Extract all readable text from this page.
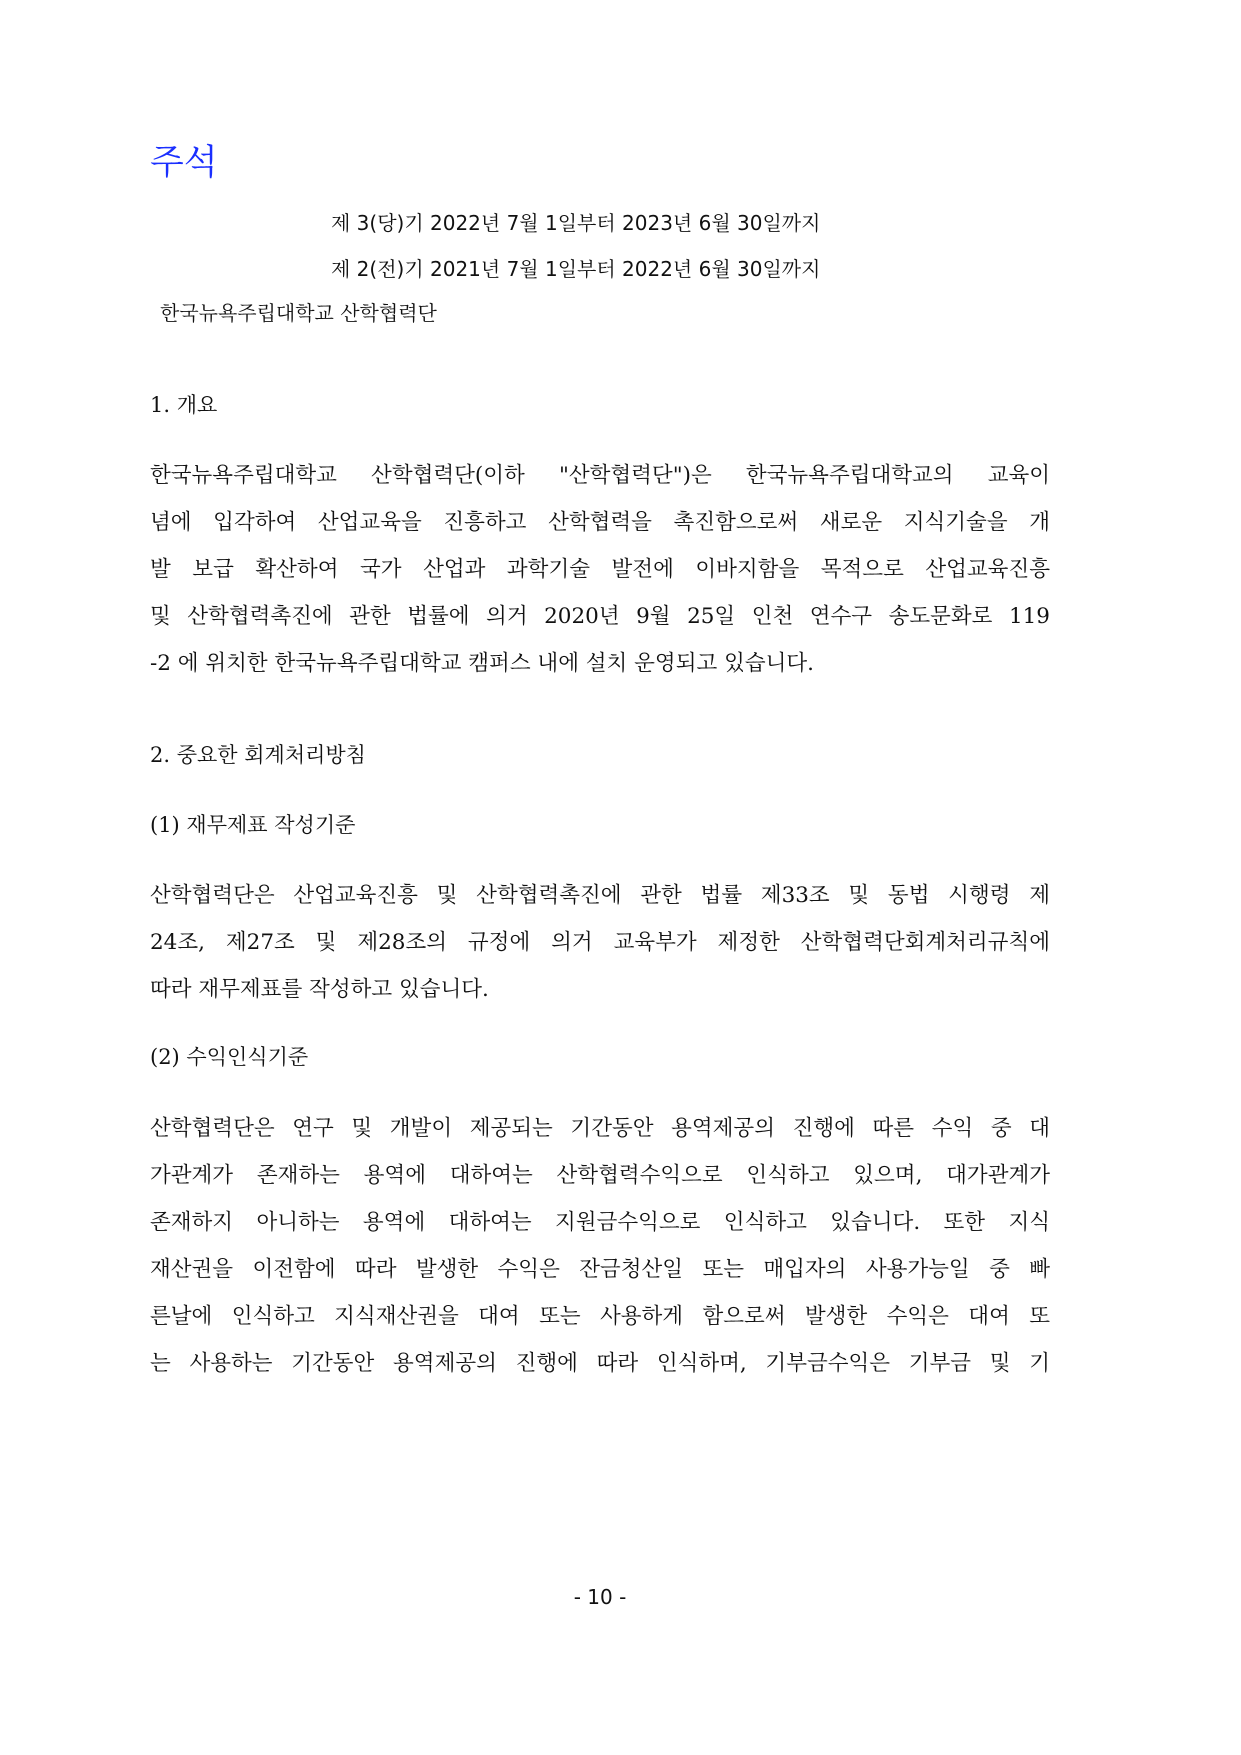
주석
제 3(당)기 2022년 7월 1일부터 2023년 6월 30일까지
제 2(전)기 2021년 7월 1일부터 2022년 6월 30일까지
한국뉴욕주립대학교 산학협력단
1. 개요

한국뉴욕주립대학교 산학협력단(이하 "산학협력단")은 한국뉴욕주립대학교의 교육이
념에 입각하여 산업교육을 진흥하고 산학협력을 촉진함으로써 새로운 지식기술을 개
발 보급 확산하여 국가 산업과 과학기술 발전에 이바지함을 목적으로 산업교육진흥
및 산학협력촉진에 관한 법률에 의거 2020년 9월 25일 인천 연수구 송도문화로 119
-2 에 위치한 한국뉴욕주립대학교 캠퍼스 내에 설치 운영되고 있습니다.

2. 중요한 회계처리방침
(1) 재무제표 작성기준

산학협력단은 산업교육진흥 및 산학협력촉진에 관한 법률 제33조 및 동법 시행령 제
24조, 제27조 및 제28조의 규정에 의거 교육부가 제정한 산학협력단회계처리규칙에
따라 재무제표를 작성하고 있습니다.

(2) 수익인식기준

산학협력단은 연구 및 개발이 제공되는 기간동안 용역제공의 진행에 따른 수익 중 대
가관계가 존재하는 용역에 대하여는 산학협력수익으로 인식하고 있으며, 대가관계가
존재하지 아니하는 용역에 대하여는 지원금수익으로 인식하고 있습니다. 또한 지식
재산권을 이전함에 따라 발생한 수익은 잔금청산일 또는 매입자의 사용가능일 중 빠
른날에 인식하고 지식재산권을 대여 또는 사용하게 함으로써 발생한 수익은 대여 또
는 사용하는 기간동안 용역제공의 진행에 따라 인식하며, 기부금수익은 기부금 및 기

- 10 -
